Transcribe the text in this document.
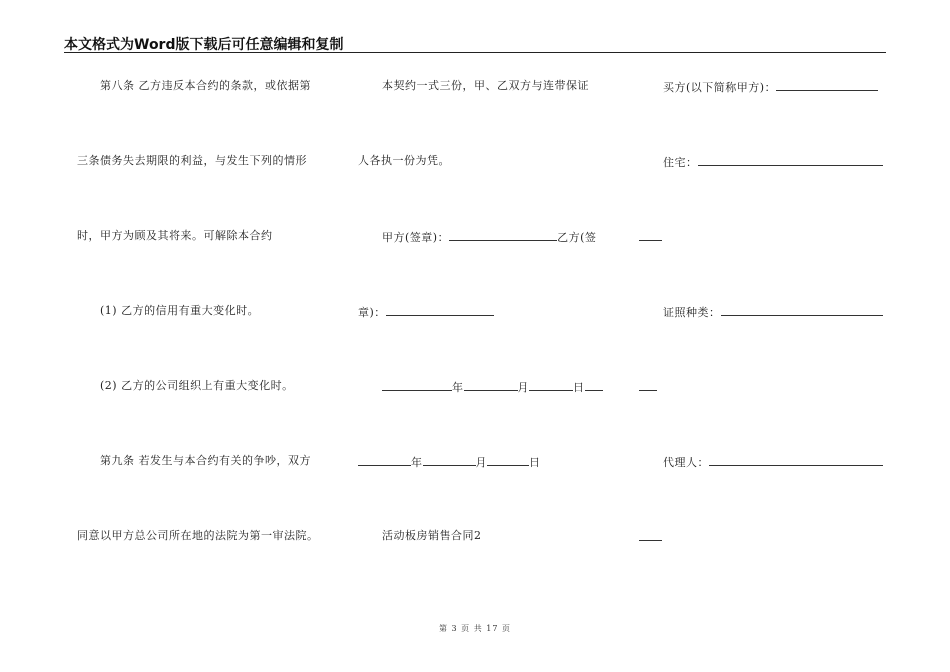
本文格式为Word版下载后可任意编辑和复制
第八条 乙方违反本合约的条款，或依据第
三条债务失去期限的利益，与发生下列的情形
时，甲方为顾及其将来。可解除本合约
(1) 乙方的信用有重大变化时。
(2) 乙方的公司组织上有重大变化时。
第九条 若发生与本合约有关的争吵，双方
同意以甲方总公司所在地的法院为第一审法院。
本契约一式三份，甲、乙双方与连带保证
人各执一份为凭。
甲方(签章)：	乙方(签
章)：
年	月	日
年	月	日
活动板房销售合同2
买方(以下简称甲方)：
住宅：
证照种类：
代理人：
第 3 页 共 17 页
